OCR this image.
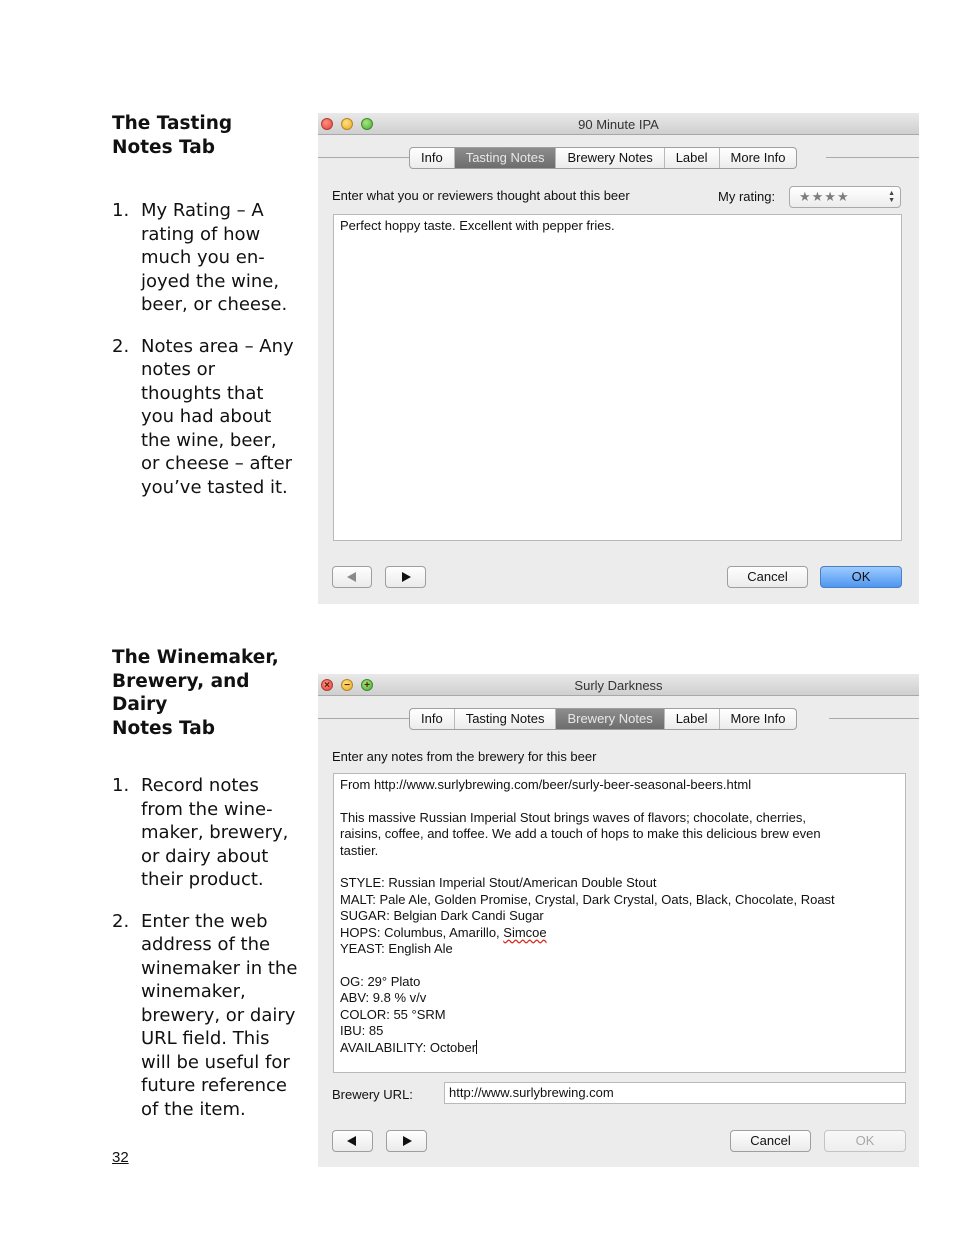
The Tasting Notes Tab
1. My Rating – A
rating of how
much you en-
joyed the wine,
beer, or cheese.
2. Notes area – Any
notes or
thoughts that
you had about
the wine, beer,
or cheese – after
you’ve tasted it.
The Winemaker,
Brewery, and Dairy
Notes Tab
1. Record notes
from the wine-
maker, brewery,
or dairy about
their product.
2. Enter the web
address of the
winemaker in the
winemaker,
brewery, or dairy
URL field. This
will be useful for
future reference
of the item.
32
90 Minute IPA
Info	Tasting Notes	Brewery Notes	Label	More Info
Enter what you or reviewers thought about this beer	My rating: ★★★★	▲
▼

Perfect hoppy taste. Excellent with pepper fries.

Cancel	OK
×	−	+	Surly Darkness
Info	Tasting Notes	Brewery Notes	Label	More Info
Enter any notes from the brewery for this beer

From http://www.surlybrewing.com/beer/surly-beer-seasonal-beers.html

This massive Russian Imperial Stout brings waves of flavors; chocolate, cherries,

raisins, coffee, and toffee. We add a touch of hops to make this delicious brew even

tastier.

STYLE: Russian Imperial Stout/American Double Stout

MALT: Pale Ale, Golden Promise, Crystal, Dark Crystal, Oats, Black, Chocolate, Roast

SUGAR: Belgian Dark Candi Sugar

HOPS: Columbus, Amarillo, Simcoe

YEAST: English Ale

OG: 29° Plato

ABV: 9.8 % v/v

COLOR: 55 °SRM

IBU: 85

AVAILABILITY: October

Brewery URL:	http://www.surlybrewing.com
Cancel	OK
